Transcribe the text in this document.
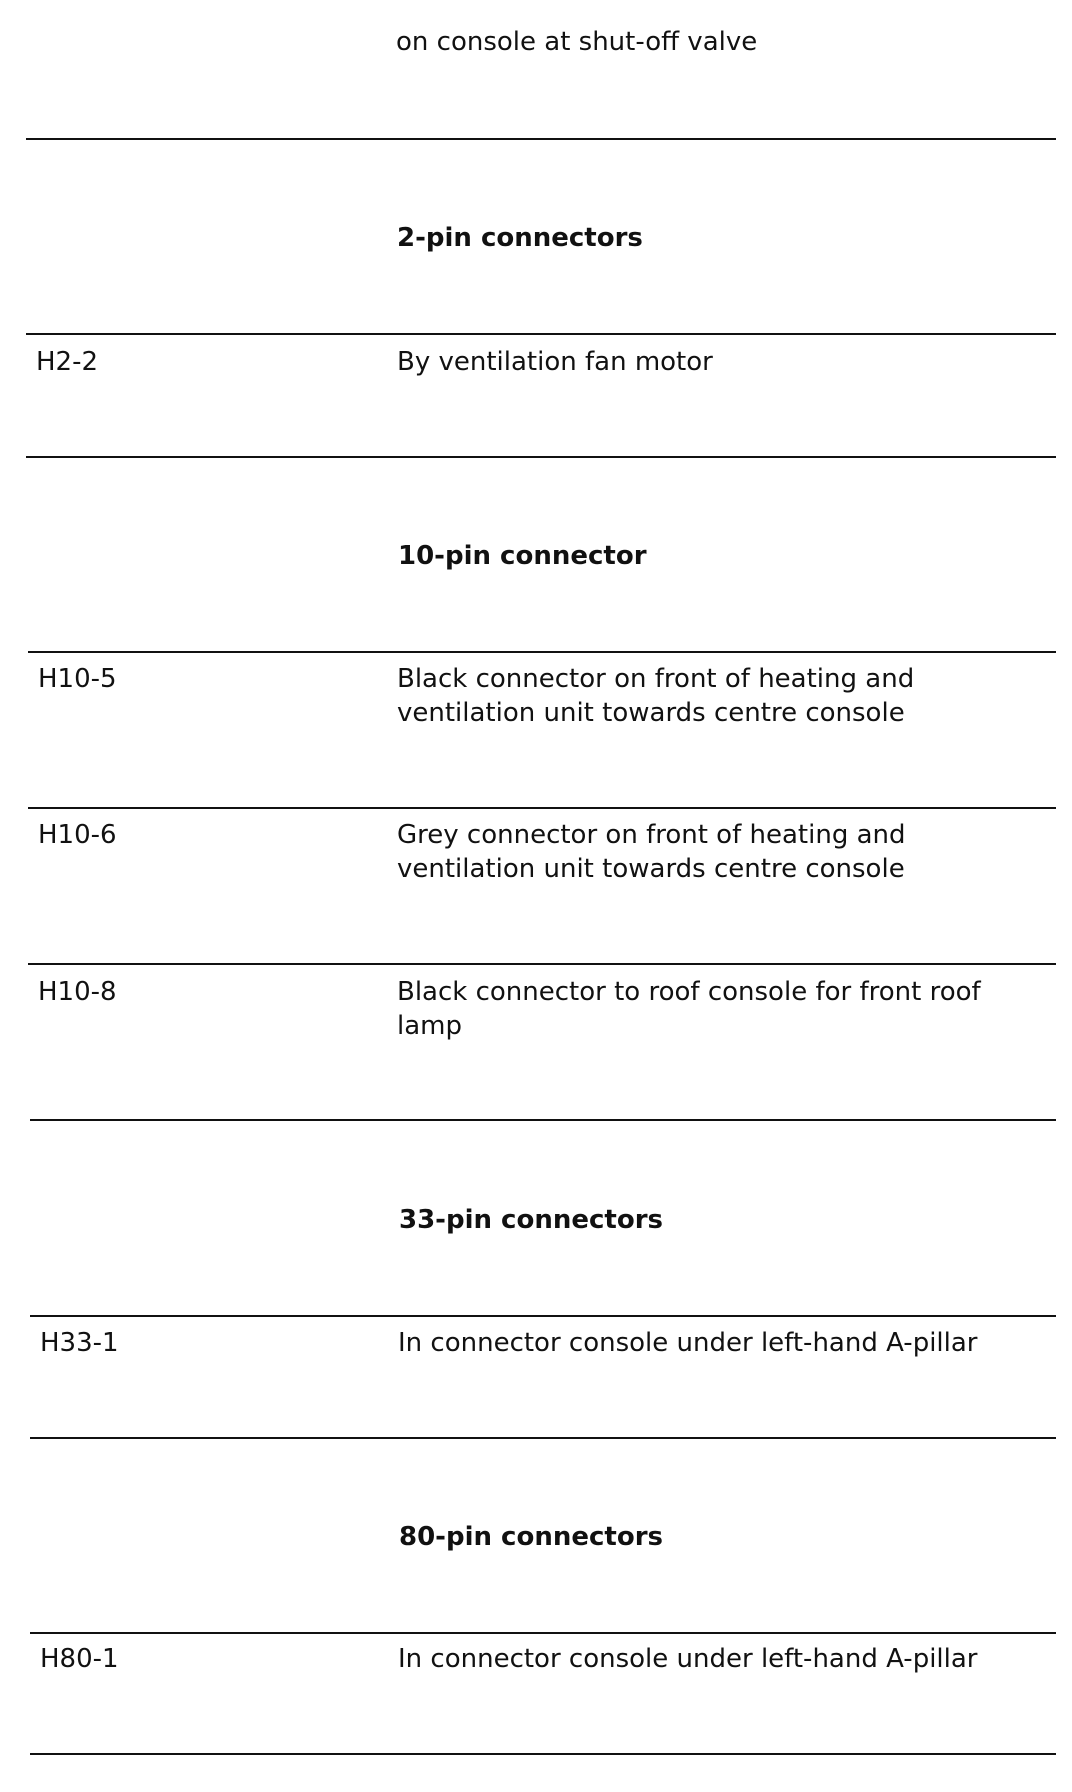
on console at shut-off valve
2-pin connectors
H2-2	By ventilation fan motor
10-pin connector
H10-5	Black connector on front of heating and ventilation unit towards centre console
H10-6	Grey connector on front of heating and ventilation unit towards centre console
H10-8	Black connector to roof console for front roof lamp
33-pin connectors
H33-1	In connector console under left-hand A-pillar
80-pin connectors
H80-1	In connector console under left-hand A-pillar
